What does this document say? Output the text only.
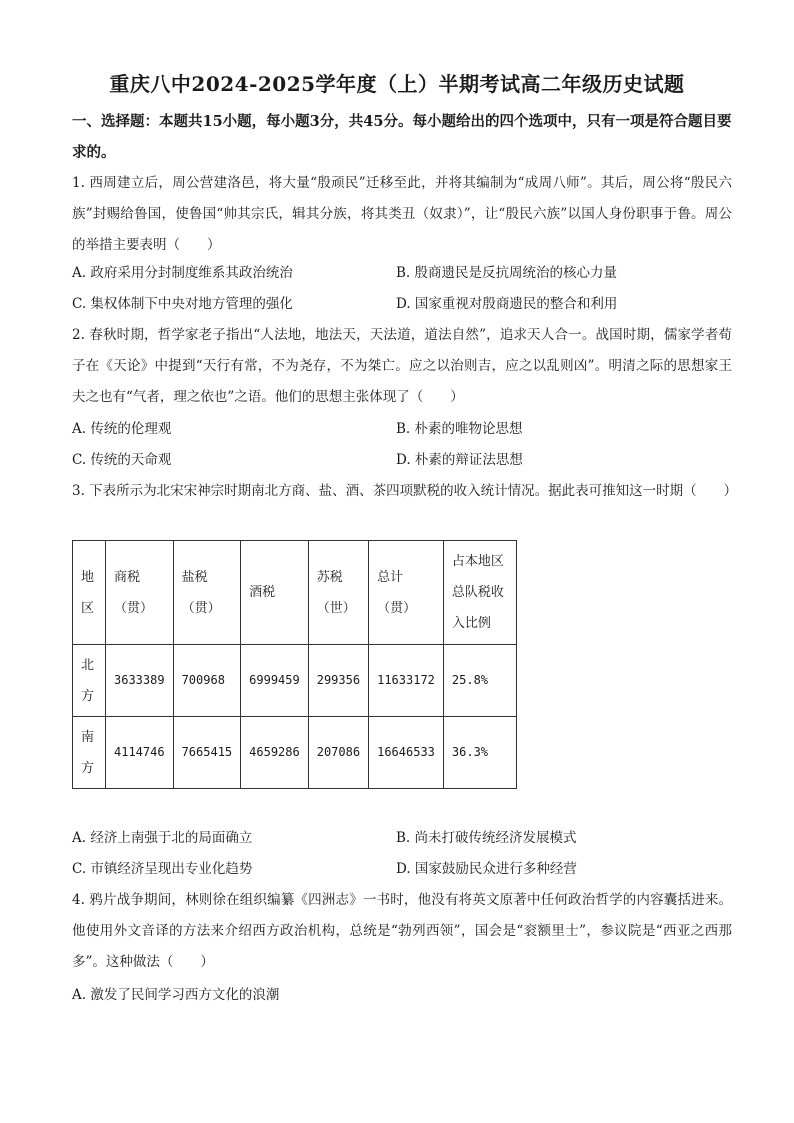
重庆八中2024-2025学年度（上）半期考试高二年级历史试题
一、选择题：本题共15小题，每小题3分，共45分。每小题给出的四个选项中，只有一项是符合题目要求的。
1. 西周建立后，周公营建洛邑，将大量“殷顽民”迁移至此，并将其编制为“成周八师”。其后，周公将“殷民六族”封赐给鲁国，使鲁国“帅其宗氏，辑其分族，将其类丑（奴隶）”，让“殷民六族”以国人身份职事于鲁。周公的举措主要表明（　　）
A. 政府采用分封制度维系其政治统治	B. 殷商遗民是反抗周统治的核心力量
C. 集权体制下中央对地方管理的强化	D. 国家重视对殷商遗民的整合和利用
2. 春秋时期，哲学家老子指出“人法地，地法天，天法道，道法自然”，追求天人合一。战国时期，儒家学者荀子在《天论》中提到“天行有常，不为尧存，不为桀亡。应之以治则吉，应之以乱则凶”。明清之际的思想家王夫之也有“气者，理之依也”之语。他们的思想主张体现了（　　）
A. 传统的伦理观	B. 朴素的唯物论思想
C. 传统的天命观	D. 朴素的辩证法思想
3. 下表所示为北宋宋神宗时期南北方商、盐、酒、茶四项默税的收入统计情况。据此表可推知这一时期（　　）
地区	商税（贯）	盐税（贯）	酒税	苏税（世）	总计（贯）	占本地区总队税收入比例
北方	3633389	700968	6999459	299356	11633172	25.8%
南方	4114746	7665415	4659286	207086	16646533	36.3%
A. 经济上南强于北的局面确立	B. 尚未打破传统经济发展模式
C. 市镇经济呈现出专业化趋势	D. 国家鼓励民众进行多种经营
4. 鸦片战争期间，林则徐在组织编纂《四洲志》一书时，他没有将英文原著中任何政治哲学的内容囊括进来。他使用外文音译的方法来介绍西方政治机构，总统是“勃列西领”，国会是“衮额里士”，参议院是“西亚之西那多”。这种做法（　　）
A. 激发了民间学习西方文化的浪潮
